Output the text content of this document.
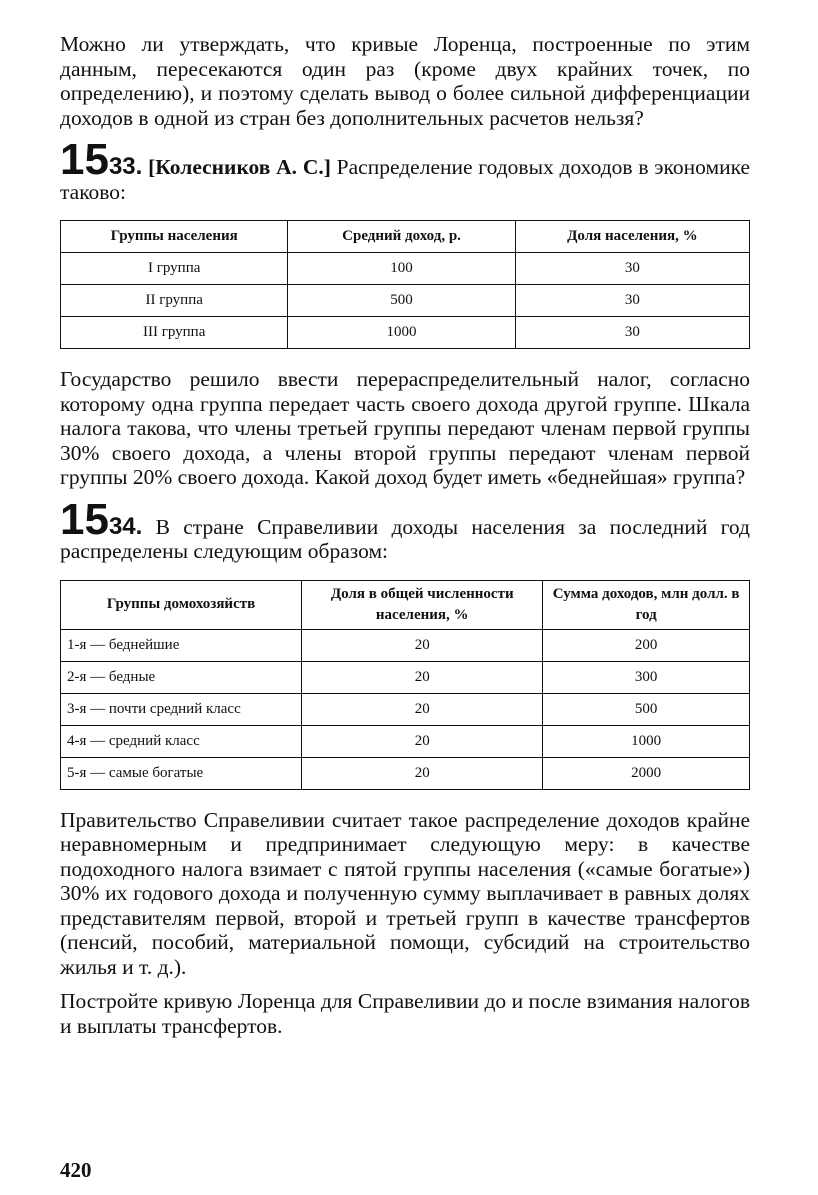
Можно ли утверждать, что кривые Лоренца, построенные по этим данным, пересекаются один раз (кроме двух крайних точек, по определению), и поэтому сделать вывод о более сильной дифференциации доходов в одной из стран без дополнительных расчетов нельзя?

1533. [Колесников А. С.] Распределение годовых доходов в экономике таково:

Группы населения	Средний доход, р.	Доля населения, %
I группа	100	30
II группа	500	30
III группа	1000	30

Государство решило ввести перераспределительный налог, согласно которому одна группа передает часть своего дохода другой группе. Шкала налога такова, что члены третьей группы передают членам первой группы 30% своего дохода, а члены второй группы передают членам первой группы 20% своего дохода. Какой доход будет иметь «беднейшая» группа?

1534. В стране Справеливии доходы населения за последний год распределены следующим образом:

Группы домохозяйств	Доля в общей численности населения, %	Сумма доходов, млн долл. в год
1-я — беднейшие	20	200
2-я — бедные	20	300
3-я — почти средний класс	20	500
4-я — средний класс	20	1000
5-я — самые богатые	20	2000

Правительство Справеливии считает такое распределение доходов крайне неравномерным и предпринимает следующую меру: в качестве подоходного налога взимает с пятой группы населения («самые богатые») 30% их годового дохода и полученную сумму выплачивает в равных долях представителям первой, второй и третьей групп в качестве трансфертов (пенсий, пособий, материальной помощи, субсидий на строительство жилья и т. д.).

Постройте кривую Лоренца для Справеливии до и после взимания налогов и выплаты трансфертов.

420
